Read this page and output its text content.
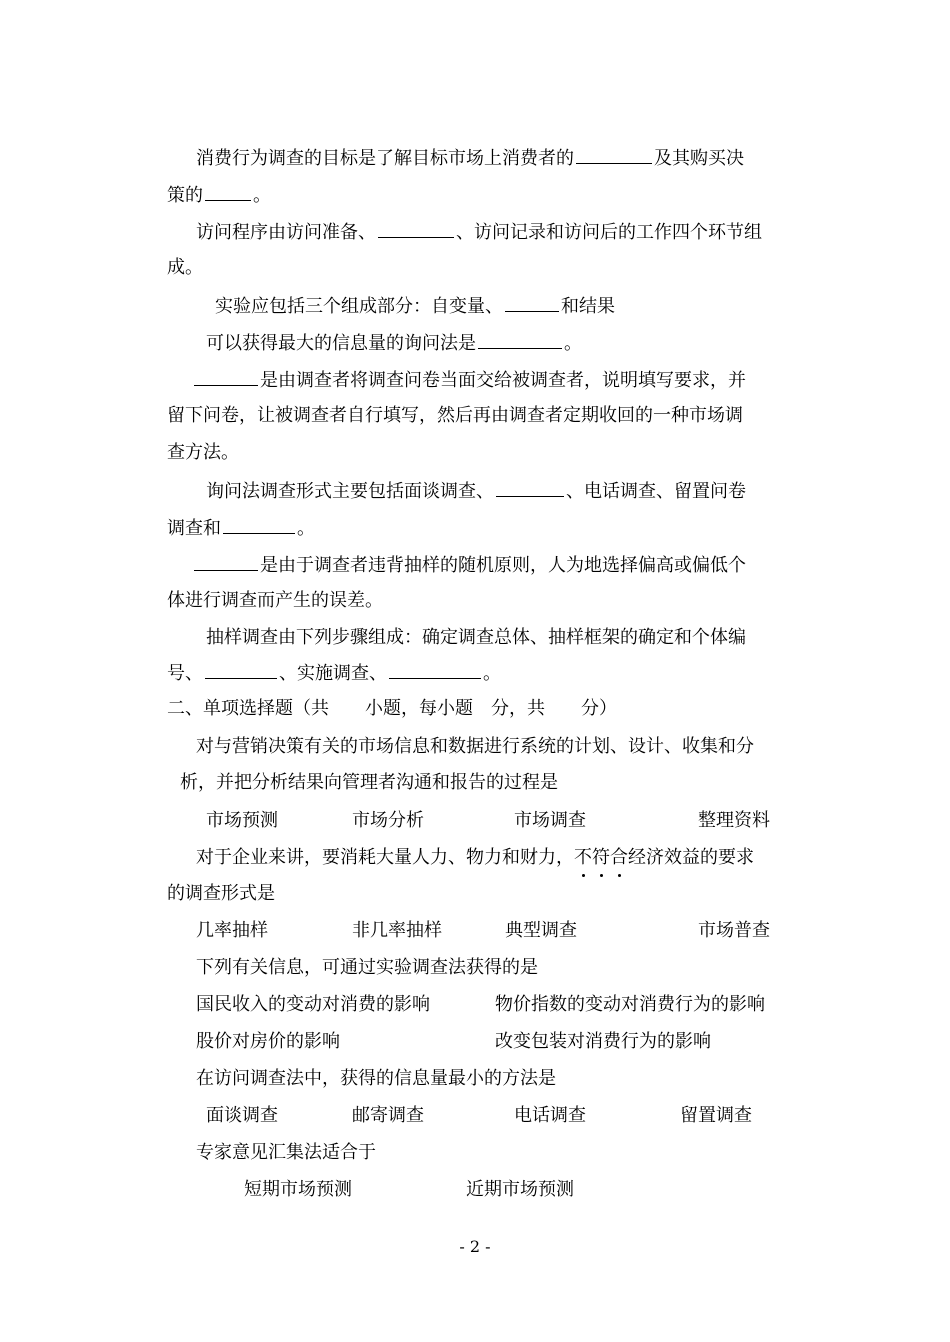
消费行为调查的目标是了解目标市场上消费者的	及其购买决
策的	。
访问程序由访问准备、	、访问记录和访问后的工作四个环节组
成。
实验应包括三个组成部分：自变量、	和结果
可以获得最大的信息量的询问法是	。
是由调查者将调查问卷当面交给被调查者，说明填写要求，并
留下问卷，让被调查者自行填写，然后再由调查者定期收回的一种市场调
查方法。
询问法调查形式主要包括面谈调查、	、电话调查、留置问卷
调查和	。
是由于调查者违背抽样的随机原则，人为地选择偏高或偏低个
体进行调查而产生的误差。
抽样调查由下列步骤组成：确定调查总体、抽样框架的确定和个体编
号、	、实施调查、	。
二、单项选择题（共　　小题，每小题　分，共　　分）
对与营销决策有关的市场信息和数据进行系统的计划、设计、收集和分
析，并把分析结果向管理者沟通和报告的过程是
市场预测	市场分析	市场调查	整理资料
对于企业来讲，要消耗大量人力、物力和财力，不符合经济效益的要求
的调查形式是
几率抽样	非几率抽样	典型调查	市场普查
下列有关信息，可通过实验调查法获得的是
国民收入的变动对消费的影响	物价指数的变动对消费行为的影响
股价对房价的影响	改变包装对消费行为的影响
在访问调查法中，获得的信息量最小的方法是
面谈调查	邮寄调查	电话调查	留置调查
专家意见汇集法适合于
短期市场预测	近期市场预测
- 2 -
